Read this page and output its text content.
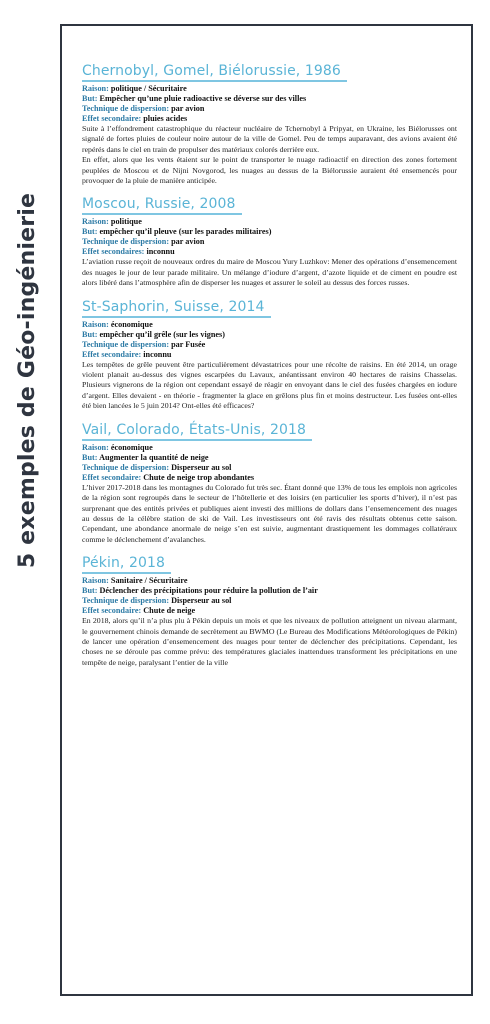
5 exemples de Géo-ingénierie
Chernobyl, Gomel, Biélorussie, 1986
Raison: politique / Sécuritaire
But: Empêcher qu’une pluie radioactive se déverse sur des villes
Technique de dispersion: par avion
Effet secondaire: pluies acides

Suite à l’effondrement catastrophique du réacteur nucléaire de Tchernobyl à Pripyat, en Ukraine, les Biélorusses ont signalé de fortes pluies de couleur noire autour de la ville de Gomel. Peu de temps auparavant, des avions avaient été repérés dans le ciel en train de propulser des matériaux colorés derrière eux.

En effet, alors que les vents étaient sur le point de transporter le nuage radioactif en direction des zones fortement peuplées de Moscou et de Nijni Novgorod, les nuages au dessus de la Biélorussie auraient été ensemencés pour provoquer de la pluie de manière anticipée.

Moscou, Russie, 2008
Raison: politique
But: empêcher qu’il pleuve (sur les parades militaires)
Technique de dispersion: par avion
Effet secondaires: inconnu

L’aviation russe reçoit de nouveaux ordres du maire de Moscou Yury Luzhkov: Mener des opérations d’ensemencement des nuages le jour de leur parade militaire. Un mélange d’iodure d’argent, d’azote liquide et de ciment en poudre est alors libéré dans l’atmosphère afin de disperser les nuages et assurer le soleil au dessus des forces russes.

St-Saphorin, Suisse, 2014
Raison: économique
But: empêcher qu’il grêle (sur les vignes)
Technique de dispersion: par Fusée
Effet secondaire: inconnu

Les tempêtes de grêle peuvent être particulièrement dévastatrices pour une récolte de raisins. En été 2014, un orage violent planait au-dessus des vignes escarpées du Lavaux, anéantissant environ 40 hectares de raisins Chasselas. Plusieurs vignerons de la région ont cependant essayé de réagir en envoyant dans le ciel des fusées chargées en iodure d’argent. Elles devaient - en théorie - fragmenter la glace en grêlons plus fin et moins destructeur. Les fusées ont-elles été bien lancées le 5 juin 2014? Ont-elles été efficaces?

Vail, Colorado, États-Unis, 2018
Raison: économique
But: Augmenter la quantité de neige
Technique de dispersion: Disperseur au sol
Effet secondaire: Chute de neige trop abondantes

L’hiver 2017-2018 dans les montagnes du Colorado fut très sec. Étant donné que 13% de tous les emplois non agricoles de la région sont regroupés dans le secteur de l’hôtellerie et des loisirs (en particulier les sports d’hiver), il n’est pas surprenant que des entités privées et publiques aient investi des millions de dollars dans l’ensemencement des nuages au dessus de la célèbre station de ski de Vail. Les investisseurs ont été ravis des résultats obtenus cette saison. Cependant, une abondance anormale de neige s’en est suivie, augmentant drastiquement les dommages collatéraux comme le déclenchement d’avalanches.

Pékin, 2018
Raison: Sanitaire / Sécuritaire
But: Déclencher des précipitations pour réduire la pollution de l’air
Technique de dispersion: Disperseur au sol
Effet secondaire: Chute de neige

En 2018, alors qu’il n’a plus plu à Pékin depuis un mois et que les niveaux de pollution atteignent un niveau alarmant, le gouvernement chinois demande de secrètement au BWMO (Le Bureau des Modifications Météorologiques de Pékin) de lancer une opération d’ensemencement des nuages pour tenter de déclencher des précipitations. Cependant, les choses ne se déroule pas comme prévu: des températures glaciales inattendues transforment les précipitations en une tempête de neige, paralysant l’entier de la ville
